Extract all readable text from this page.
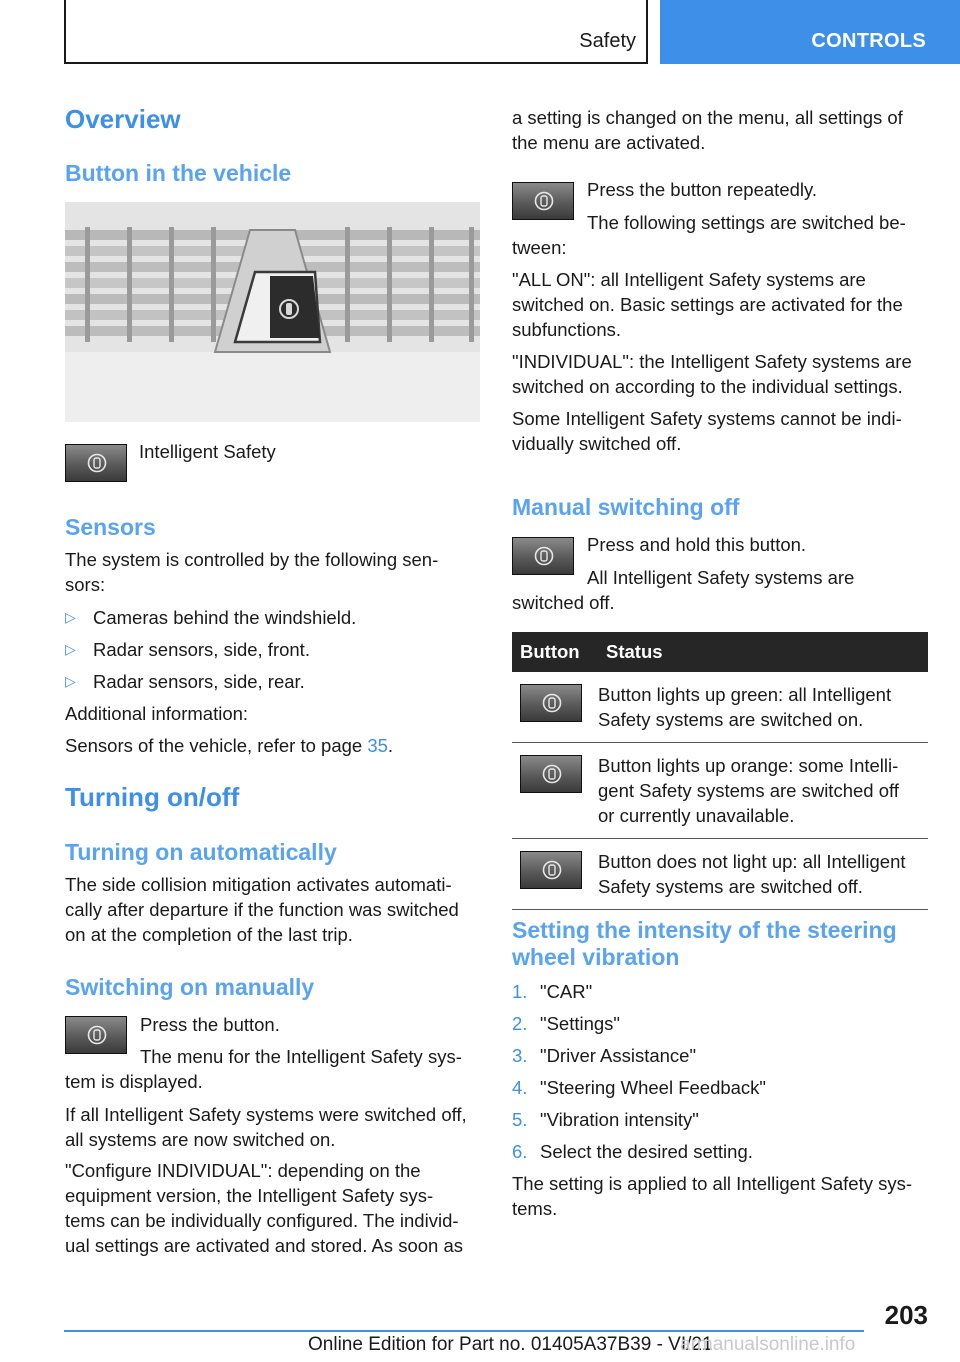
Safety	CONTROLS
Overview
Button in the vehicle

Intelligent Safety

Sensors

The system is controlled by the following sen-

sors:

▷ Cameras behind the windshield.
▷ Radar sensors, side, front.
▷ Radar sensors, side, rear.

Additional information:

Sensors of the vehicle, refer to page 35.

Turning on/off
Turning on automatically

The side collision mitigation activates automati-

cally after departure if the function was switched

on at the completion of the last trip.

Switching on manually

Press the button.

The menu for the Intelligent Safety sys-

tem is displayed.

If all Intelligent Safety systems were switched off,

all systems are now switched on.

"Configure INDIVIDUAL": depending on the

equipment version, the Intelligent Safety sys-

tems can be individually configured. The individ-

ual settings are activated and stored. As soon as

a setting is changed on the menu, all settings of

the menu are activated.

Press the button repeatedly.

The following settings are switched be-

tween:

"ALL ON": all Intelligent Safety systems are

switched on. Basic settings are activated for the

subfunctions.

"INDIVIDUAL": the Intelligent Safety systems are

switched on according to the individual settings.

Some Intelligent Safety systems cannot be indi-

vidually switched off.

Manual switching off

Press and hold this button.

All Intelligent Safety systems are

switched off.

Button	Status

Button lights up green: all Intelligent
Safety systems are switched on.

Button lights up orange: some Intelli-
gent Safety systems are switched off
or currently unavailable.

Button does not light up: all Intelligent
Safety systems are switched off.
Setting the intensity of the steering
wheel vibration
1. "CAR"
2. "Settings"
3. "Driver Assistance"
4. "Steering Wheel Feedback"
5. "Vibration intensity"
6. Select the desired setting.

The setting is applied to all Intelligent Safety sys-

tems.

203
Online Edition for Part no. 01405A37B39 - VI/21
armanualsonline.info
